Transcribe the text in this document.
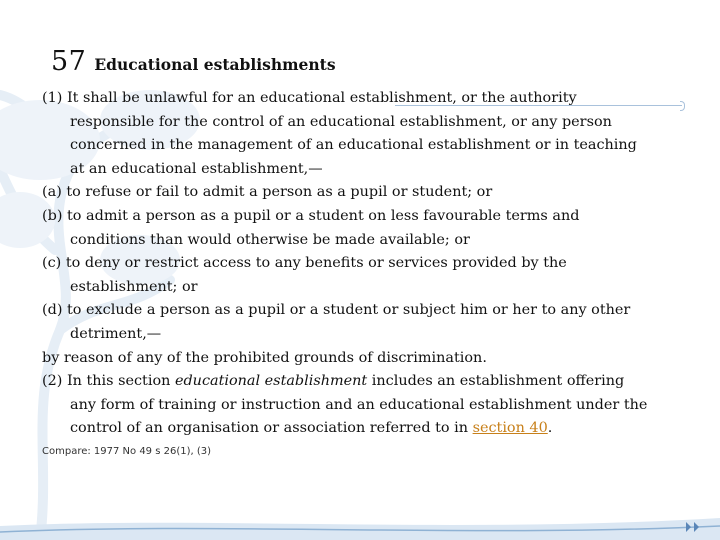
57 Educational establishments

(1) It shall be unlawful for an educational establishment, or the authority
responsible for the control of an educational establishment, or any person
concerned in the management of an educational establishment or in teaching
at an educational establishment,—

(a) to refuse or fail to admit a person as a pupil or student; or

(b) to admit a person as a pupil or a student on less favourable terms and
conditions than would otherwise be made available; or

(c) to deny or restrict access to any benefits or services provided by the
establishment; or

(d) to exclude a person as a pupil or a student or subject him or her to any other
detriment,—

by reason of any of the prohibited grounds of discrimination.

(2) In this section educational establishment includes an establishment offering
any form of training or instruction and an educational establishment under the
control of an organisation or association referred to in section 40.

Compare: 1977 No 49 s 26(1), (3)
